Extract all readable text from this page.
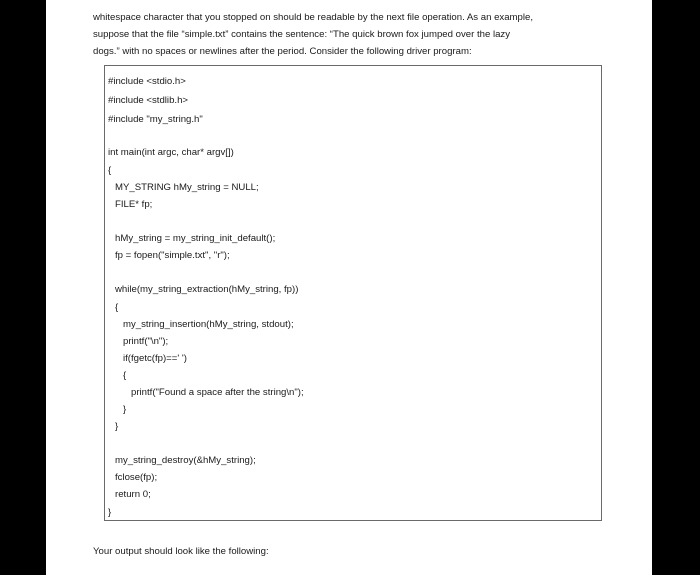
whitespace character that you stopped on should be readable by the next file operation. As an example,
suppose that the file “simple.txt” contains the sentence: “The quick brown fox jumped over the lazy
dogs.” with no spaces or newlines after the period. Consider the following driver program:
#include <stdio.h>
#include <stdlib.h>
#include "my_string.h"
int main(int argc, char* argv[])
{
MY_STRING hMy_string = NULL;
FILE* fp;
hMy_string = my_string_init_default();
fp = fopen("simple.txt", "r");
while(my_string_extraction(hMy_string, fp))
{
my_string_insertion(hMy_string, stdout);
printf("\n");
if(fgetc(fp)==' ')
{
printf("Found a space after the string\n");
}
}
my_string_destroy(&hMy_string);
fclose(fp);
return 0;
}

Your output should look like the following:
